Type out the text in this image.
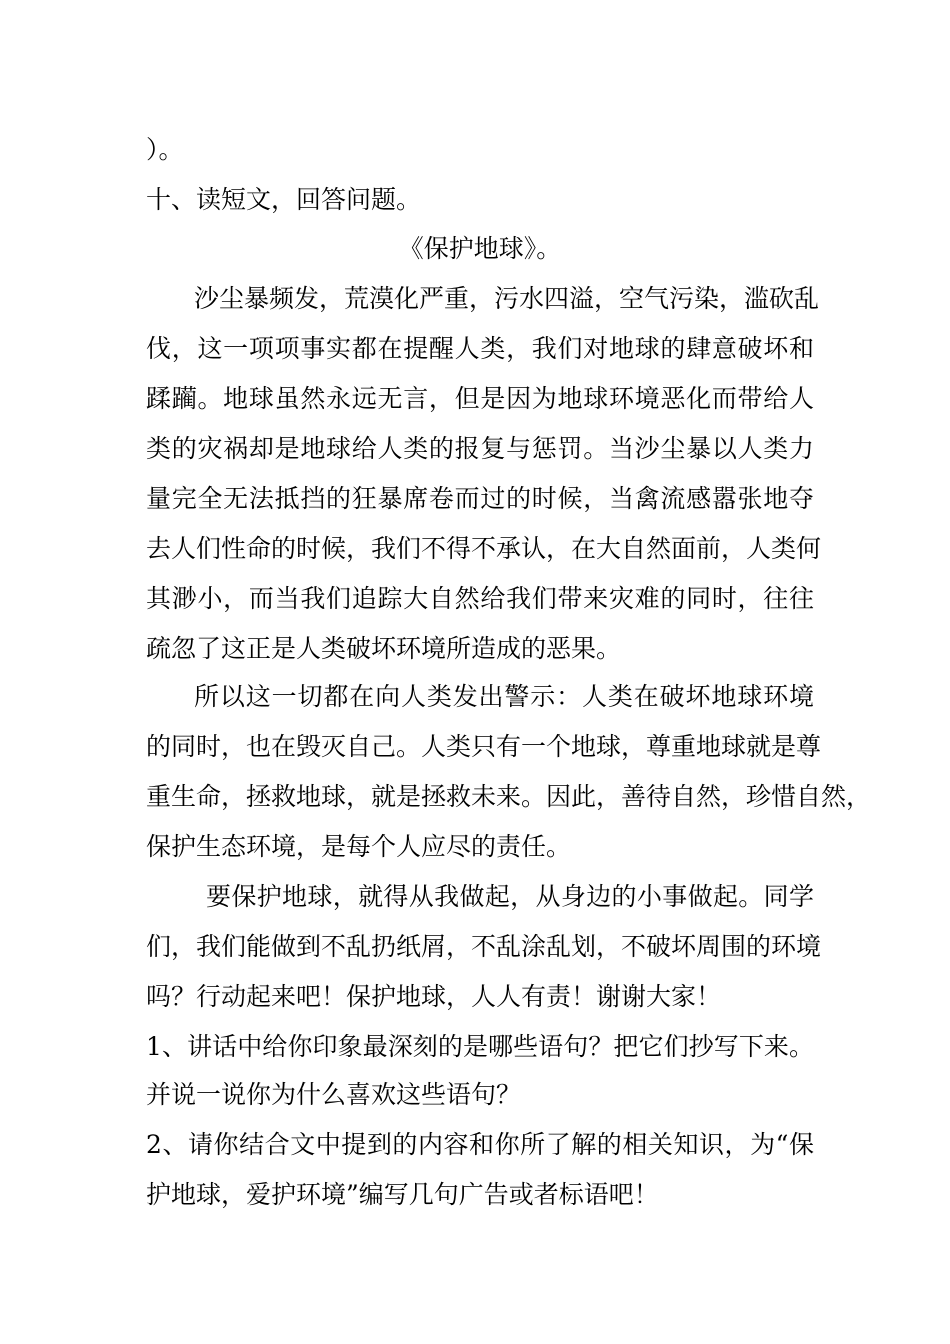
）。
十、读短文，回答问题。
《保护地球》。
沙尘暴频发，荒漠化严重，污水四溢，空气污染，滥砍乱
伐，这一项项事实都在提醒人类，我们对地球的肆意破坏和
蹂躏。地球虽然永远无言，但是因为地球环境恶化而带给人
类的灾祸却是地球给人类的报复与惩罚。当沙尘暴以人类力
量完全无法抵挡的狂暴席卷而过的时候，当禽流感嚣张地夺
去人们性命的时候，我们不得不承认，在大自然面前，人类何
其渺小，而当我们追踪大自然给我们带来灾难的同时，往往
疏忽了这正是人类破坏环境所造成的恶果。
所以这一切都在向人类发出警示：人类在破坏地球环境
的同时，也在毁灭自己。人类只有一个地球，尊重地球就是尊
重生命，拯救地球，就是拯救未来。因此，善待自然，珍惜自然，
保护生态环境，是每个人应尽的责任。
要保护地球，就得从我做起，从身边的小事做起。同学
们，我们能做到不乱扔纸屑，不乱涂乱划，不破坏周围的环境
吗？行动起来吧！保护地球，人人有责！谢谢大家！
1、讲话中给你印象最深刻的是哪些语句？把它们抄写下来。
并说一说你为什么喜欢这些语句？
2、请你结合文中提到的内容和你所了解的相关知识，为“保
护地球，爱护环境”编写几句广告或者标语吧！
